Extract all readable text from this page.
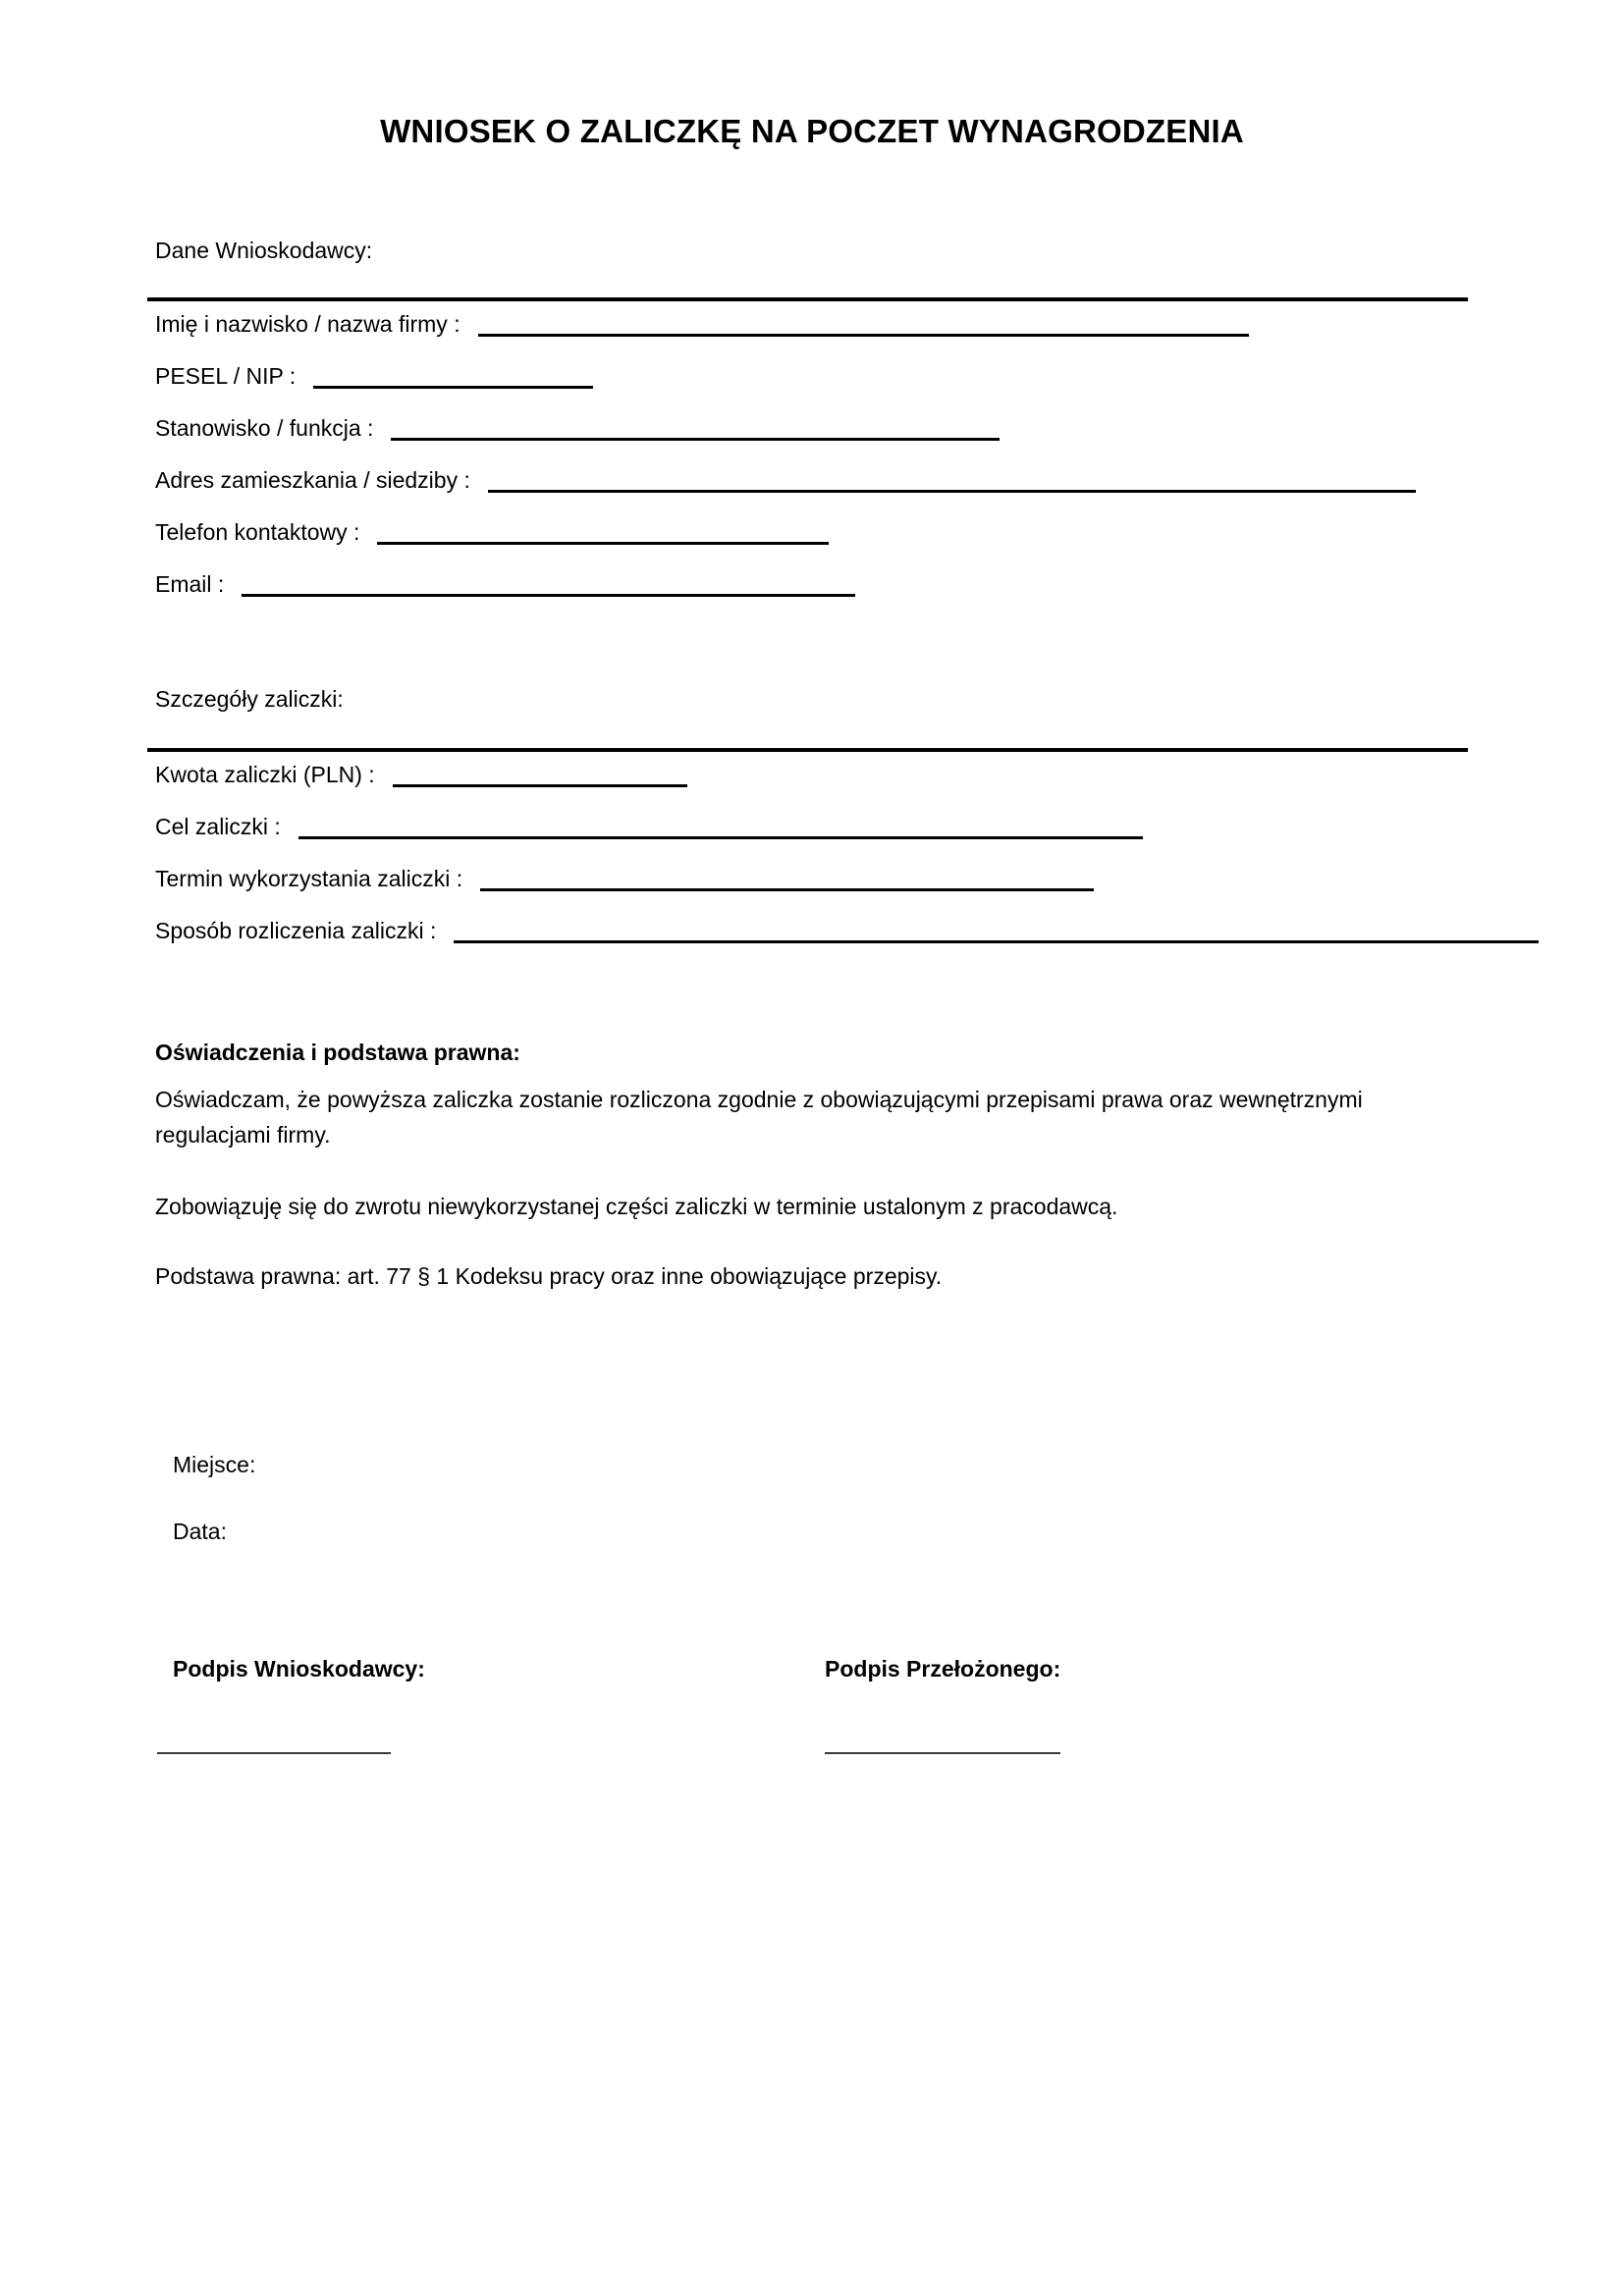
WNIOSEK O ZALICZKĘ NA POCZET WYNAGRODZENIA
Dane Wnioskodawcy:
Imię i nazwisko / nazwa firmy :
PESEL / NIP :
Stanowisko / funkcja :
Adres zamieszkania / siedziby :
Telefon kontaktowy :
Email :
Szczegóły zaliczki:
Kwota zaliczki (PLN) :
Cel zaliczki :
Termin wykorzystania zaliczki :
Sposób rozliczenia zaliczki :
Oświadczenia i podstawa prawna:
Oświadczam, że powyższa zaliczka zostanie rozliczona zgodnie z obowiązującymi przepisami prawa oraz wewnętrznymi regulacjami firmy.
Zobowiązuję się do zwrotu niewykorzystanej części zaliczki w terminie ustalonym z pracodawcą.
Podstawa prawna: art. 77 § 1 Kodeksu pracy oraz inne obowiązujące przepisy.
Miejsce:
Data:
Podpis Wnioskodawcy:	Podpis Przełożonego:
